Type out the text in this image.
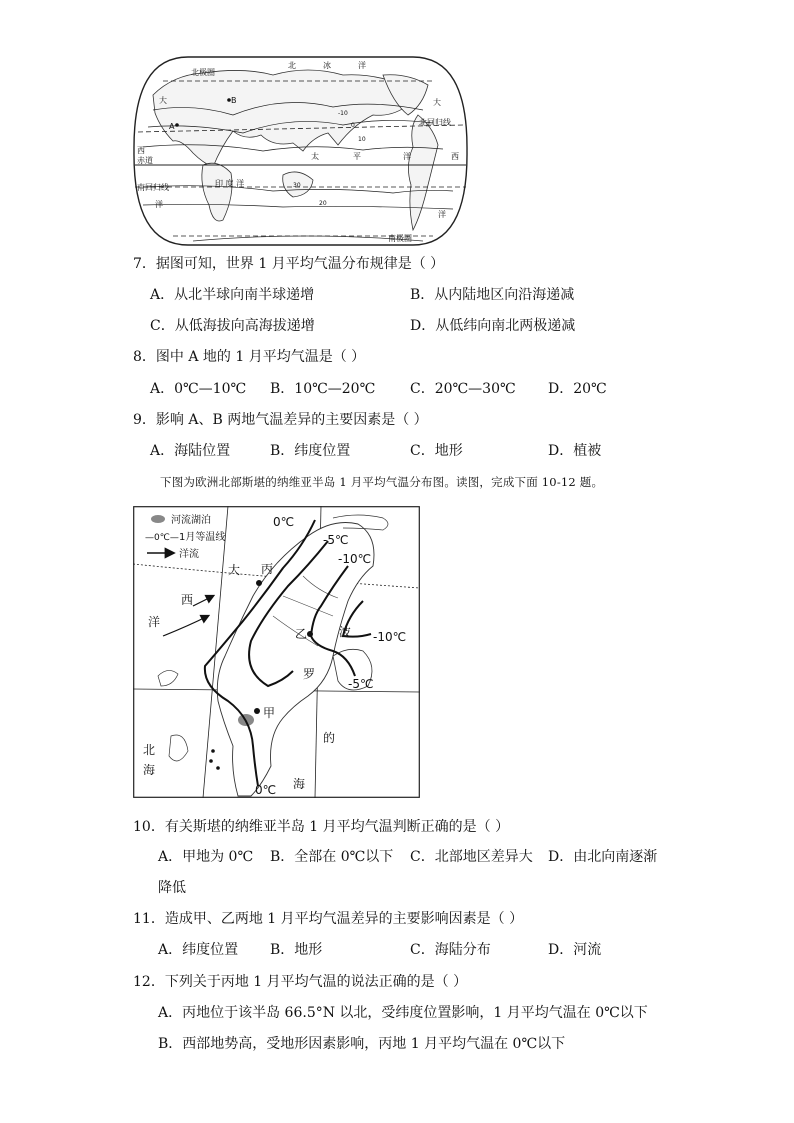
北极圈
北	冰	洋
大	B
A
大
北回归线
西
赤道	太	平	洋	西
印 度 洋
南回归线
洋
洋
南极圈
-10
0
10
20
30
7．据图可知，世界 1 月平均气温分布规律是（ ）
A．从北半球向南半球递增	B．从内陆地区向沿海递减
C．从低海拔向高海拔递增	D．从低纬向南北两极递减
8．图中 A 地的 1 月平均气温是（ ）
A．0℃—10℃ B．10℃—20℃ C．20℃—30℃ D．20℃
9．影响 A、B 两地气温差异的主要因素是（ ）
A．海陆位置	B．纬度位置	C．地形	D．植被
下图为欧洲北部斯堪的纳维亚半岛 1 月平均气温分布图。读图，完成下面 10-12 题。
河流湖泊
—0℃— 1月等温线
洋流
0℃
-5℃
-10℃
-10℃
-5℃
0℃
丙
乙
甲
大
西
洋
波
罗
的
海
北
海
10．有关斯堪的纳维亚半岛 1 月平均气温判断正确的是（ ）
A．甲地为 0℃ B．全部在 0℃以下 C．北部地区差异大 D．由北向南逐渐
降低
11．造成甲、乙两地 1 月平均气温差异的主要影响因素是（ ）
A．纬度位置 B．地形	C．海陆分布	D．河流
12．下列关于丙地 1 月平均气温的说法正确的是（ ）
A．丙地位于该半岛 66.5°N 以北，受纬度位置影响，1 月平均气温在 0℃以下
B．西部地势高，受地形因素影响，丙地 1 月平均气温在 0℃以下
